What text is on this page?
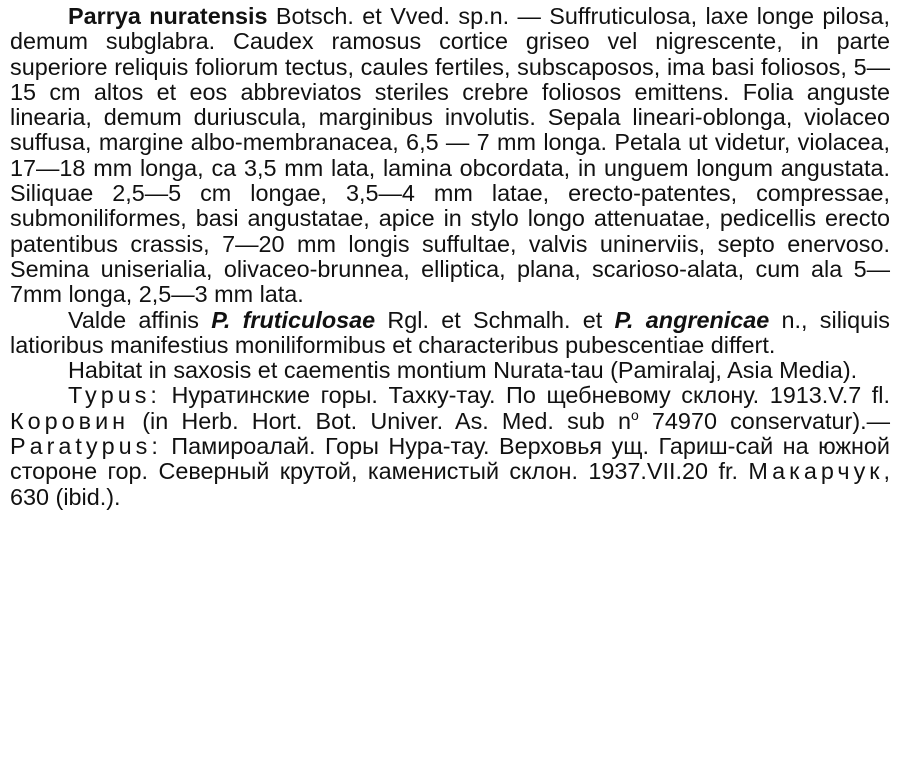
Parrya nuratensis Botsch. et Vved. sp.n. — Suffruticulosa, laxe longe pilosa, demum subglabra. Caudex ramosus cortice griseo vel nigrescente, in parte superiore reliquis foliorum tectus, caules fertiles, subscaposos, ima basi foliosos, 5—15 cm altos et eos abbreviatos steriles crebre foliosos emittens. Folia anguste linearia, demum duriuscula, marginibus involutis. Sepala lineari-oblonga, violaceo suffusa, margine albo-membranacea, 6,5 — 7 mm longa. Petala ut videtur, violacea, 17—18 mm longa, ca 3,5 mm lata, lamina obcordata, in unguem longum angustata. Siliquae 2,5—5 cm longae, 3,5—4 mm latae, erecto-patentes, compressae, submoniliformes, basi angustatae, apice in stylo longo attenuatae, pedicellis erecto patentibus crassis, 7—20 mm longis suffultae, valvis uninerviis, septo enervoso. Semina uniserialia, olivaceo-brunnea, elliptica, plana, scarioso-alata, cum ala 5—7mm longa, 2,5—3 mm lata.

Valde affinis P. fruticulosae Rgl. et Schmalh. et P. angrenicae n., siliquis latioribus manifestius moniliformibus et characteribus pubescentiae differt.

Habitat in saxosis et caementis montium Nurata-tau (Pamiralaj, Asia Media).

Typus: Нуратинские горы. Тахку-тау. По щебневому склону. 1913.V.7 fl. Коровин (in Herb. Hort. Bot. Univer. As. Med. sub $n^o$ 74970 conservatur).—Paratypus: Памироалай. Горы Нура-тау. Верховья ущ. Гариш-сай на южной стороне гор. Северный крутой, каменистый склон. 1937.VII.20 fr. Макарчук, 630 (ibid.).
